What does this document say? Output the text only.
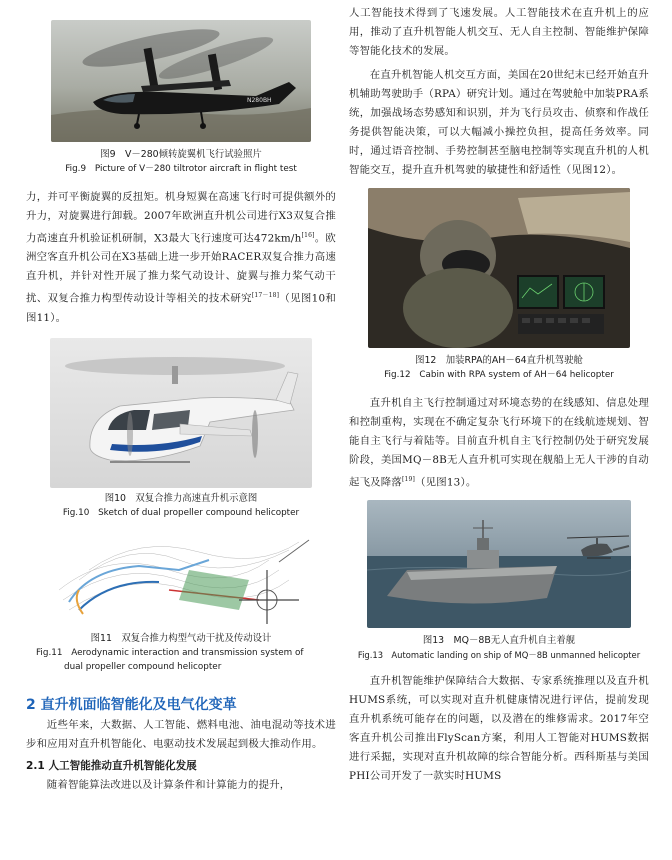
N280BH
图9　V－280倾转旋翼机飞行试验照片
Fig.9　Picture of V－280 tiltrotor aircraft in flight test

力，并可平衡旋翼的反扭矩。机身短翼在高速飞行时可提供额外的升力，对旋翼进行卸载。2007年欧洲直升机公司进行X3双复合推力高速直升机验证机研制，X3最大飞行速度可达472km/h[16]。欧洲空客直升机公司在X3基础上进一步开始RACER双复合推力高速直升机，并针对性开展了推力桨气动设计、旋翼与推力桨气动干扰、双复合推力构型传动设计等相关的技术研究[17－18]（见图10和图11）。

图10　双复合推力高速直升机示意图
Fig.10　Sketch of dual propeller compound helicopter
图11　双复合推力构型气动干扰及传动设计
Fig.11　Aerodynamic interaction and transmission system of
dual propeller compound helicopter
2 直升机面临智能化及电气化变革

近些年来，大数据、人工智能、燃料电池、油电混动等技术进步和应用对直升机智能化、电驱动技术发展起到极大推动作用。

2.1 人工智能推动直升机智能化发展

随着智能算法改进以及计算条件和计算能力的提升，

人工智能技术得到了飞速发展。人工智能技术在直升机上的应用，推动了直升机智能人机交互、无人自主控制、智能维护保障等智能化技术的发展。

在直升机智能人机交互方面，美国在20世纪末已经开始直升机辅助驾驶助手（RPA）研究计划。通过在驾驶舱中加装PRA系统，加强战场态势感知和识别，并为飞行员攻击、侦察和作战任务提供智能决策，可以大幅减小操控负担，提高任务效率。同时，通过语音控制、手势控制甚至脑电控制等实现直升机的人机智能交互，提升直升机驾驶的敏捷性和舒适性（见图12）。

图12　加装RPA的AH－64直升机驾驶舱
Fig.12　Cabin with RPA system of AH－64 helicopter

直升机自主飞行控制通过对环境态势的在线感知、信息处理和控制重构，实现在不确定复杂飞行环境下的在线航迹规划、智能自主飞行与着陆等。目前直升机自主飞行控制仍处于研究发展阶段，美国MQ－8B无人直升机可实现在舰船上无人干涉的自动起飞及降落[19]（见图13）。

图13　MQ－8B无人直升机自主着舰
Fig.13　Automatic landing on ship of MQ－8B unmanned helicopter

直升机智能维护保障结合大数据、专家系统推理以及直升机HUMS系统，可以实现对直升机健康情况进行评估，提前发现直升机系统可能存在的问题，以及潜在的维修需求。2017年空客直升机公司推出FlyScan方案，利用人工智能对HUMS数据进行采掘，实现对直升机故障的综合智能分析。西科斯基与美国PHI公司开发了一款实时HUMS
